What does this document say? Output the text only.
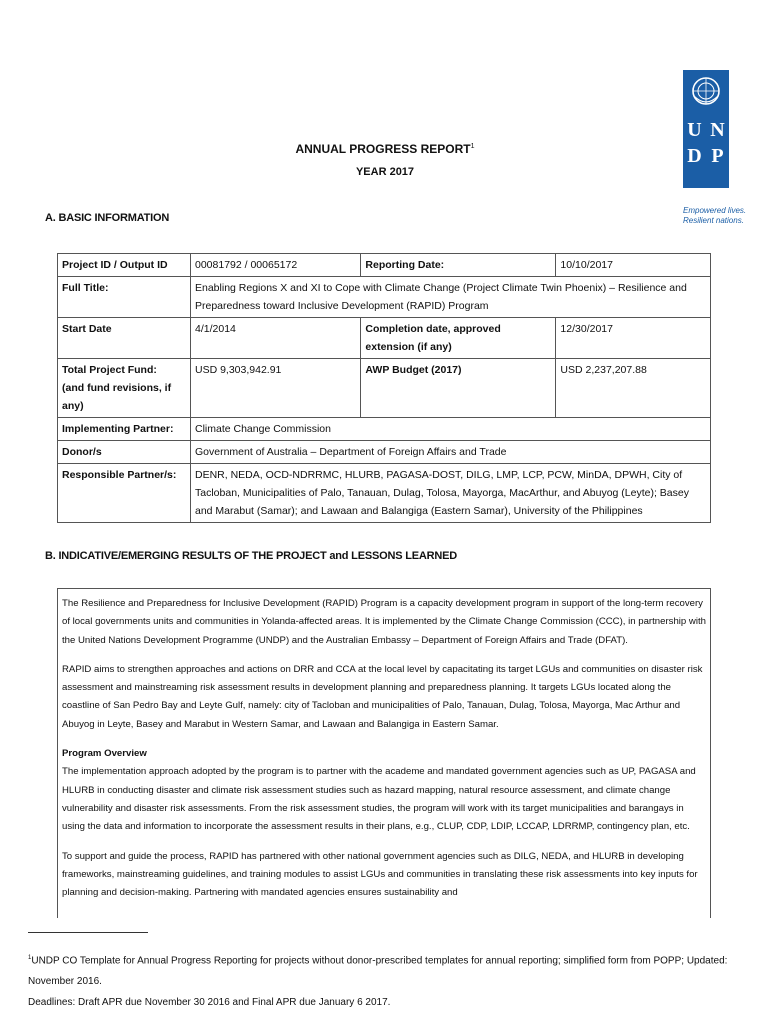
U N
D P
Empowered lives.
Resilient nations.
ANNUAL PROGRESS REPORT$^1$
YEAR 2017
A. BASIC INFORMATION
Project ID / Output ID	00081792 / 00065172	Reporting Date:	10/10/2017
Full Title:	Enabling Regions X and XI to Cope with Climate Change (Project Climate Twin Phoenix) – Resilience and Preparedness toward Inclusive Development (RAPID) Program		
Start Date	4/1/2014	Completion date, approved extension (if any)	12/30/2017

Total Project Fund:
(and fund revisions, if any)	USD 9,303,942.91	AWP Budget (2017)	USD 2,237,207.88
Implementing Partner:	Climate Change Commission		
Donor/s	Government of Australia – Department of Foreign Affairs and Trade		
Responsible Partner/s:	DENR, NEDA, OCD-NDRRMC, HLURB, PAGASA-DOST, DILG, LMP, LCP, PCW, MinDA, DPWH, City of Tacloban, Municipalities of Palo, Tanauan, Dulag, Tolosa, Mayorga, MacArthur, and Abuyog (Leyte); Basey and Marabut (Samar); and Lawaan and Balangiga (Eastern Samar), University of the Philippines		
B. INDICATIVE/EMERGING RESULTS OF THE PROJECT and LESSONS LEARNED

The Resilience and Preparedness for Inclusive Development (RAPID) Program is a capacity development program in support of the long-term recovery of local governments units and communities in Yolanda-affected areas. It is implemented by the Climate Change Commission (CCC), in partnership with the United Nations Development Programme (UNDP) and the Australian Embassy – Department of Foreign Affairs and Trade (DFAT).

RAPID aims to strengthen approaches and actions on DRR and CCA at the local level by capacitating its target LGUs and communities on disaster risk assessment and mainstreaming risk assessment results in development planning and preparedness planning. It targets LGUs located along the coastline of San Pedro Bay and Leyte Gulf, namely: city of Tacloban and municipalities of Palo, Tanauan, Dulag, Tolosa, Mayorga, Mac Arthur and Abuyog in Leyte, Basey and Marabut in Western Samar, and Lawaan and Balangiga in Eastern Samar.

Program Overview

The implementation approach adopted by the program is to partner with the academe and mandated government agencies such as UP, PAGASA and HLURB in conducting disaster and climate risk assessment studies such as hazard mapping, natural resource assessment, and climate change vulnerability and disaster risk assessments. From the risk assessment studies, the program will work with its target municipalities and barangays in using the data and information to incorporate the assessment results in their plans, e.g., CLUP, CDP, LDIP, LCCAP, LDRRMP, contingency plan, etc.

To support and guide the process, RAPID has partnered with other national government agencies such as DILG, NEDA, and HLURB in developing frameworks, mainstreaming guidelines, and training modules to assist LGUs and communities in translating these risk assessments into key inputs for planning and decision-making. Partnering with mandated agencies ensures sustainability and

$^1$UNDP CO Template for Annual Progress Reporting for projects without donor-prescribed templates for annual reporting; simplified form from POPP; Updated: November 2016.
Deadlines: Draft APR due November 30 2016 and Final APR due January 6 2017.
